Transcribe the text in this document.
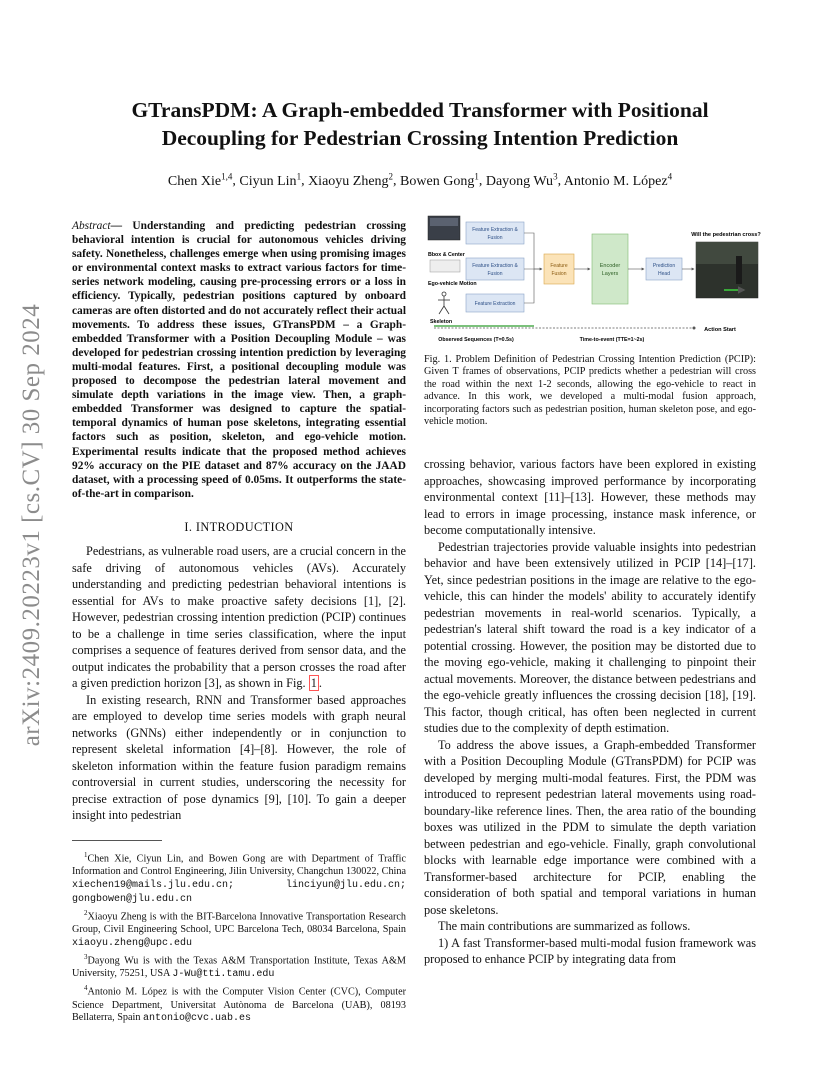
arXiv:2409.20223v1 [cs.CV] 30 Sep 2024
GTransPDM: A Graph-embedded Transformer with Positional
Decoupling for Pedestrian Crossing Intention Prediction
Chen Xie$^{1,4}$, Ciyun Lin$^1$, Xiaoyu Zheng$^2$, Bowen Gong$^1$, Dayong Wu$^3$, Antonio M. López$^4$
Abstract— Understanding and predicting pedestrian crossing behavioral intention is crucial for autonomous vehicles driving safety. Nonetheless, challenges emerge when using promising images or environmental context masks to extract various factors for time-series network modeling, causing pre-processing errors or a loss in efficiency. Typically, pedestrian positions captured by onboard cameras are often distorted and do not accurately reflect their actual movements. To address these issues, GTransPDM – a Graph-embedded Transformer with a Position Decoupling Module – was developed for pedestrian crossing intention prediction by leveraging multi-modal features. First, a positional decoupling module was proposed to decompose the pedestrian lateral movement and simulate depth variations in the image view. Then, a graph-embedded Transformer was designed to capture the spatial-temporal dynamics of human pose skeletons, integrating essential factors such as position, skeleton, and ego-vehicle motion. Experimental results indicate that the proposed method achieves 92% accuracy on the PIE dataset and 87% accuracy on the JAAD dataset, with a processing speed of 0.05ms. It outperforms the state-of-the-art in comparison.
I. INTRODUCTION

Pedestrians, as vulnerable road users, are a crucial concern in the safe driving of autonomous vehicles (AVs). Accurately understanding and predicting pedestrian behavioral intentions is essential for AVs to make proactive safety decisions [1], [2]. However, pedestrian crossing intention prediction (PCIP) continues to be a challenge in time series classification, where the input comprises a sequence of features derived from sensor data, and the output indicates the probability that a person crosses the road after a given prediction horizon [3], as shown in Fig. 1 .

In existing research, RNN and Transformer based approaches are employed to develop time series models with graph neural networks (GNNs) either independently or in conjunction to represent skeletal information [4]–[8]. However, the role of skeleton information within the feature fusion paradigm remains controversial in current studies, underscoring the necessity for precise extraction of pose dynamics [9], [10]. To gain a deeper insight into pedestrian

$^1$Chen Xie, Ciyun Lin, and Bowen Gong are with Department of Traffic Information and Control Engineering, Jilin University, Changchun 130022, China xiechen19@mails.jlu.edu.cn; linciyun@jlu.edu.cn; gongbowen@jlu.edu.cn

$^2$Xiaoyu Zheng is with the BIT-Barcelona Innovative Transportation Research Group, Civil Engineering School, UPC Barcelona Tech, 08034 Barcelona, Spain xiaoyu.zheng@upc.edu

$^3$Dayong Wu is with the Texas A&M Transportation Institute, Texas A&M University, 75251, USA J-Wu@tti.tamu.edu

$^4$Antonio M. López is with the Computer Vision Center (CVC), Computer Science Department, Universitat Autònoma de Barcelona (UAB), 08193 Bellaterra, Spain antonio@cvc.uab.es

Bbox & Center
Ego-vehicle Motion
Skeleton
Feature Extraction &
Fusion
Feature Extraction &
Fusion
Feature Extraction
Feature
Fusion
Encoder
Layers
Prediction
Head
Will the pedestrian cross?
Action Start
Observed Sequences (T=0.5s)	Time-to-event (TTE=1~2s)
Fig. 1. Problem Definition of Pedestrian Crossing Intention Prediction (PCIP): Given T frames of observations, PCIP predicts whether a pedestrian will cross the road within the next 1-2 seconds, allowing the ego-vehicle to react in advance. In this work, we developed a multi-modal fusion approach, incorporating factors such as pedestrian position, human skeleton pose, and ego-vehicle motion.

crossing behavior, various factors have been explored in existing approaches, showcasing improved performance by incorporating environmental context [11]–[13]. However, these methods may lead to errors in image processing, instance mask inference, or become computationally intensive.

Pedestrian trajectories provide valuable insights into pedestrian behavior and have been extensively utilized in PCIP [14]–[17]. Yet, since pedestrian positions in the image are relative to the ego-vehicle, this can hinder the models' ability to accurately identify pedestrian movements in real-world scenarios. Typically, a pedestrian's lateral shift toward the road is a key indicator of a potential crossing. However, the position may be distorted due to the moving ego-vehicle, making it challenging to pinpoint their actual movements. Moreover, the distance between pedestrians and the ego-vehicle greatly influences the crossing decision [18], [19]. This factor, though critical, has often been neglected in current studies due to the complexity of depth estimation.

To address the above issues, a Graph-embedded Transformer with a Position Decoupling Module (GTransPDM) for PCIP was developed by merging multi-modal features. First, the PDM was introduced to represent pedestrian lateral movements using road-boundary-like reference lines. Then, the area ratio of the bounding boxes was utilized in the PDM to simulate the depth variation between pedestrian and ego-vehicle. Finally, graph convolutional blocks with learnable edge importance were combined with a Transformer-based architecture for PCIP, enabling the consideration of both spatial and temporal variations in human pose skeletons.

The main contributions are summarized as follows.

1) A fast Transformer-based multi-modal fusion framework was proposed to enhance PCIP by integrating data from
